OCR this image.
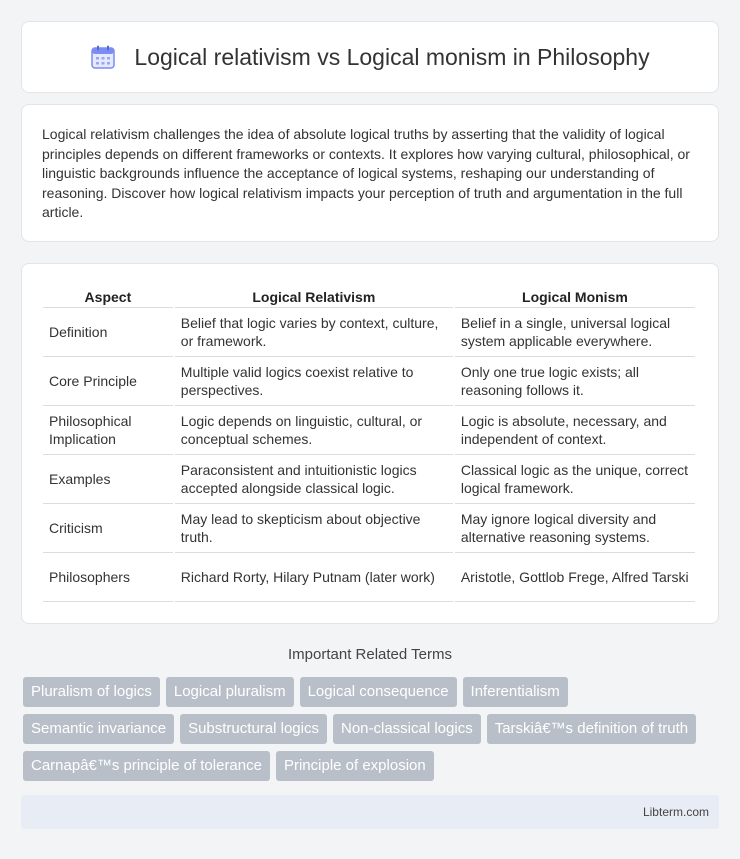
Logical relativism vs Logical monism in Philosophy

Logical relativism challenges the idea of absolute logical truths by asserting that the validity of logical principles depends on different frameworks or contexts. It explores how varying cultural, philosophical, or linguistic backgrounds influence the acceptance of logical systems, reshaping our understanding of reasoning. Discover how logical relativism impacts your perception of truth and argumentation in the full article.

Aspect	Logical Relativism	Logical Monism
Definition	Belief that logic varies by context, culture, or framework.	Belief in a single, universal logical system applicable everywhere.
Core Principle	Multiple valid logics coexist relative to perspectives.	Only one true logic exists; all reasoning follows it.
Philosophical Implication	Logic depends on linguistic, cultural, or conceptual schemes.	Logic is absolute, necessary, and independent of context.
Examples	Paraconsistent and intuitionistic logics accepted alongside classical logic.	Classical logic as the unique, correct logical framework.
Criticism	May lead to skepticism about objective truth.	May ignore logical diversity and alternative reasoning systems.
Philosophers	Richard Rorty, Hilary Putnam (later work)	Aristotle, Gottlob Frege, Alfred Tarski
Important Related Terms
Pluralism of logics	Logical pluralism	Logical consequence	Inferentialism
Semantic invariance	Substructural logics	Non-classical logics	Tarskiâ€™s definition of truth
Carnapâ€™s principle of tolerance	Principle of explosion
Libterm.com
